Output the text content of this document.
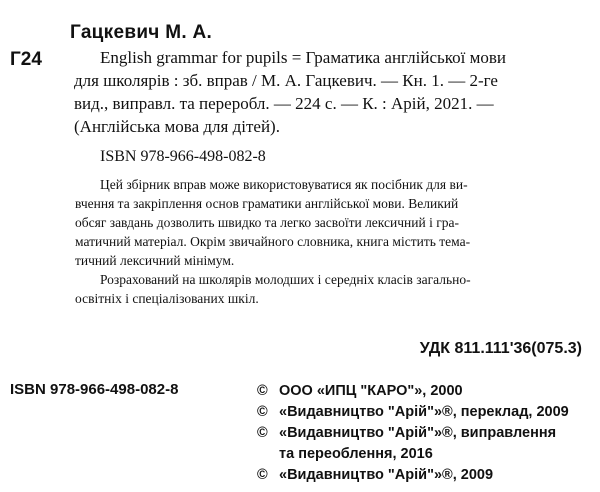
Гацкевич М. А.
Г24	English grammar for pupils = Граматика англійської мови
для школярів : зб. вправ / М. А. Гацкевич. — Кн. 1. — 2-ге
вид., виправл. та переробл. — 224 с. — К. : Арій, 2021. —
(Англійська мова для дітей).
ISBN 978-966-498-082-8
Цей збірник вправ може використовуватися як посібник для ви-
вчення та закріплення основ граматики англійської мови. Великий
обсяг завдань дозволить швидко та легко засвоїти лексичний і гра-
матичний матеріал. Окрім звичайного словника, книга містить тема-
тичний лексичний мінімум.
Розрахований на школярів молодших і середніх класів загально-
освітніх і спеціалізованих шкіл.
УДК 811.111'36(075.3)
ISBN 978-966-498-082-8	© ООО «ИПЦ "КАРО"», 2000
© «Видавництво "Арій"»®, переклад, 2009
© «Видавництво "Арій"»®, виправлення
та переоблення, 2016
© «Видавництво "Арій"»®, 2009
